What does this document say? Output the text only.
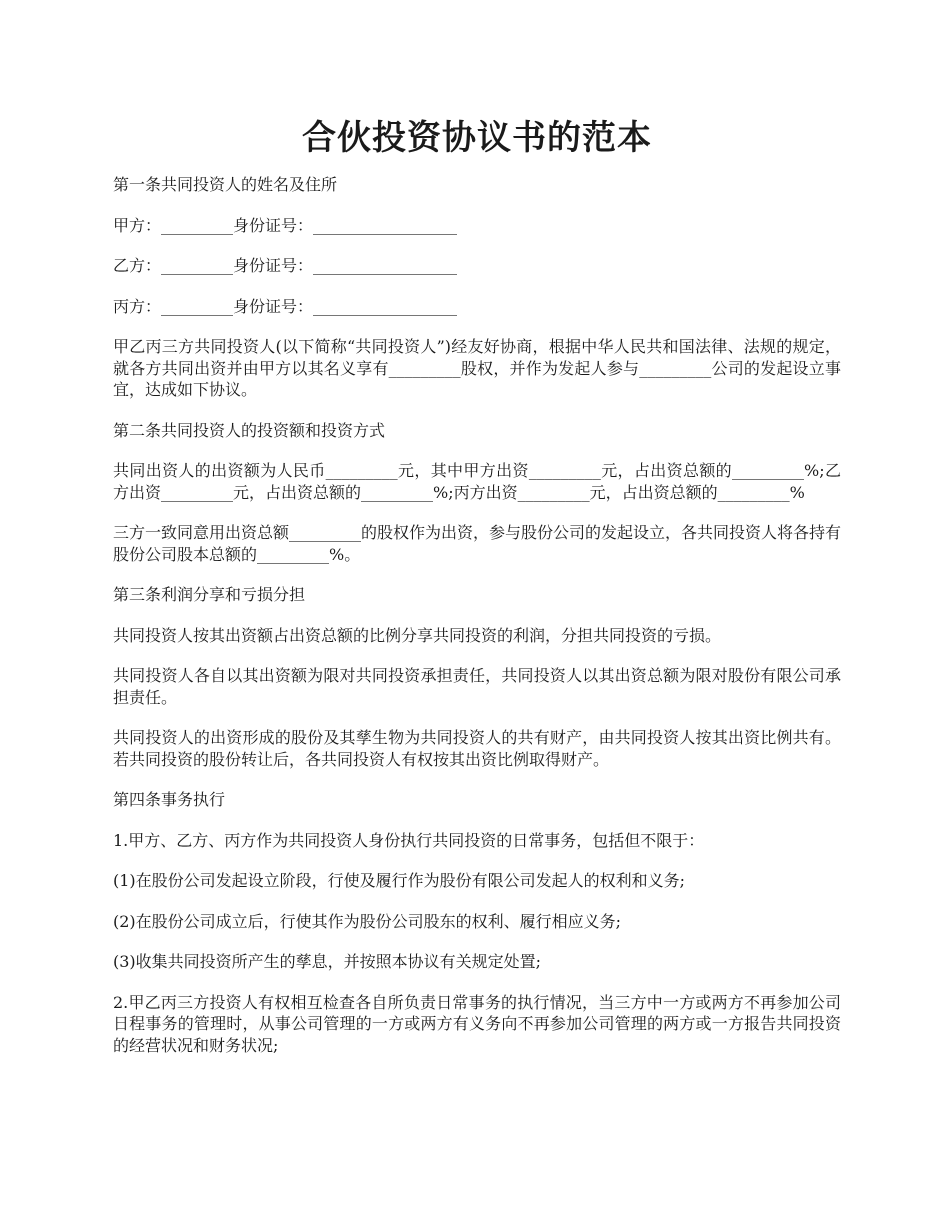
合伙投资协议书的范本

第一条共同投资人的姓名及住所

甲方：_________身份证号：__________________

乙方：_________身份证号：__________________

丙方：_________身份证号：__________________

甲乙丙三方共同投资人(以下简称“共同投资人”)经友好协商，根据中华人民共和国法律、法规的规定，就各方共同出资并由甲方以其名义享有_________股权，并作为发起人参与_________公司的发起设立事宜，达成如下协议。

第二条共同投资人的投资额和投资方式

共同出资人的出资额为人民币_________元，其中甲方出资_________元，占出资总额的_________%;乙方出资_________元，占出资总额的_________%;丙方出资_________元，占出资总额的_________%

三方一致同意用出资总额_________的股权作为出资，参与股份公司的发起设立，各共同投资人将各持有股份公司股本总额的_________%。

第三条利润分享和亏损分担

共同投资人按其出资额占出资总额的比例分享共同投资的利润，分担共同投资的亏损。

共同投资人各自以其出资额为限对共同投资承担责任，共同投资人以其出资总额为限对股份有限公司承担责任。

共同投资人的出资形成的股份及其孳生物为共同投资人的共有财产，由共同投资人按其出资比例共有。若共同投资的股份转让后，各共同投资人有权按其出资比例取得财产。

第四条事务执行

1.甲方、乙方、丙方作为共同投资人身份执行共同投资的日常事务，包括但不限于：

(1)在股份公司发起设立阶段，行使及履行作为股份有限公司发起人的权利和义务;

(2)在股份公司成立后，行使其作为股份公司股东的权利、履行相应义务;

(3)收集共同投资所产生的孳息，并按照本协议有关规定处置;

2.甲乙丙三方投资人有权相互检查各自所负责日常事务的执行情况，当三方中一方或两方不再参加公司日程事务的管理时，从事公司管理的一方或两方有义务向不再参加公司管理的两方或一方报告共同投资的经营状况和财务状况;
